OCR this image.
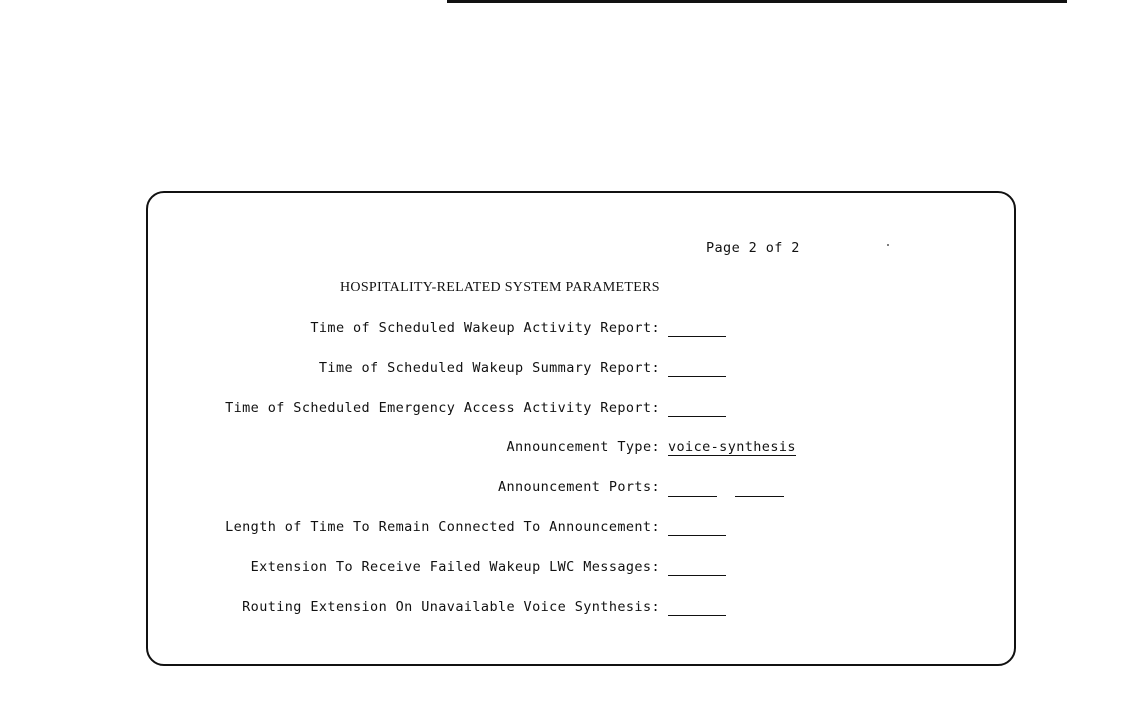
Page 2 of 2
HOSPITALITY-RELATED SYSTEM PARAMETERS
Time of Scheduled Wakeup Activity Report:
Time of Scheduled Wakeup Summary Report:
Time of Scheduled Emergency Access Activity Report:
Announcement Type: voice-synthesis
Announcement Ports:
Length of Time To Remain Connected To Announcement:
Extension To Receive Failed Wakeup LWC Messages:
Routing Extension On Unavailable Voice Synthesis:
